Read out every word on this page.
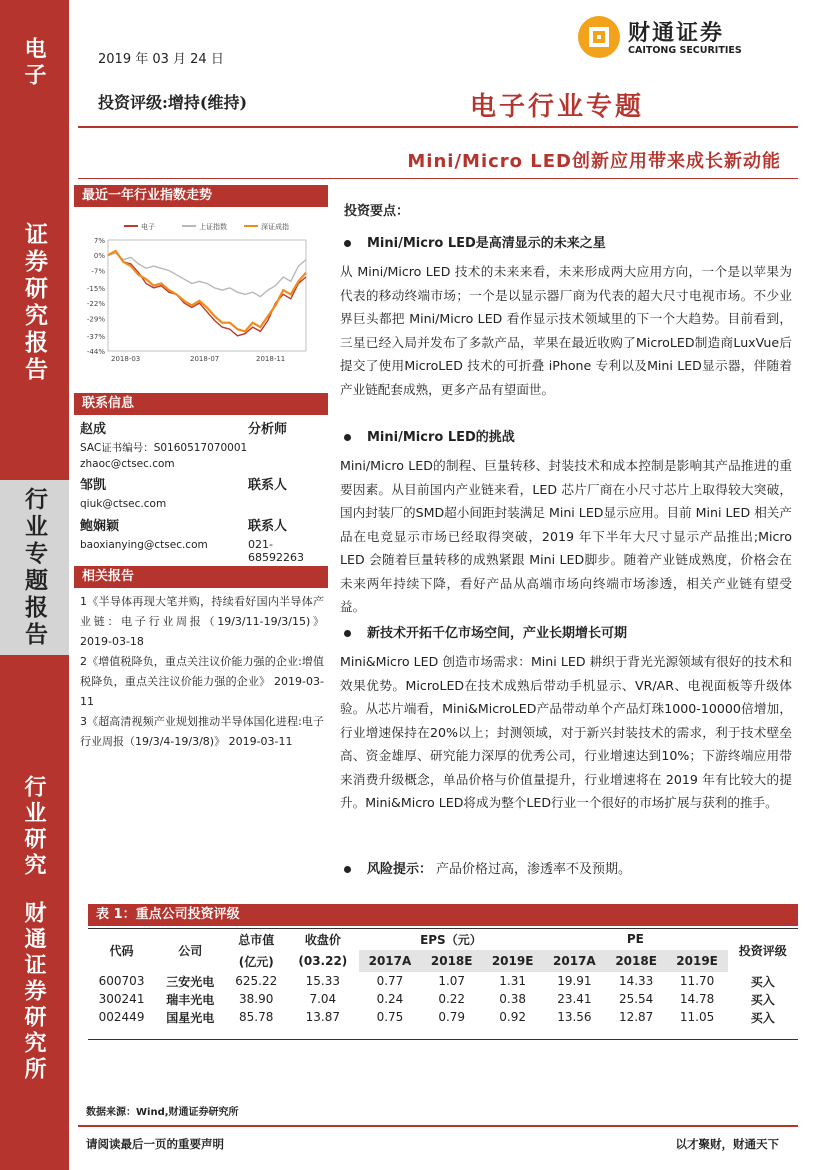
电子
证券研究报告
行业专题报告
行业研究
财通证券研究所
2019 年 03 月 24 日
财通证券
CAITONG SECURITIES
投资评级:增持(维持)	电子行业专题
Mini/Micro LED创新应用带来成长新动能
最近一年行业指数走势
7%
0%
-7%
-15%
-22%
-29%
-37%
-44%
2018-03	2018-07	2018-11
电子	上证指数	深证成指
联系信息
赵成	分析师
SAC证书编号：S0160517070001
zhaoc@ctsec.com
邹凯	联系人
qiuk@ctsec.com
鲍娴颖	联系人
baoxianying@ctsec.com	021-68592263
相关报告
1《半导体再现大笔并购，持续看好国内半导体产业链：电子行业周报（19/3/11-19/3/15)》 2019-03-18
2《增值税降负，重点关注议价能力强的企业:增值税降负，重点关注议价能力强的企业》 2019-03-11
3《超高清视频产业规划推动半导体国化进程:电子行业周报（19/3/4-19/3/8)》 2019-03-11
投资要点：
Mini/Micro LED是高清显示的未来之星
从 Mini/Micro LED 技术的未来来看，未来形成两大应用方向，一个是以苹果为代表的移动终端市场；一个是以显示器厂商为代表的超大尺寸电视市场。不少业界巨头都把 Mini/Micro LED 看作显示技术领域里的下一个大趋势。目前看到，三星已经入局并发布了多款产品，苹果在最近收购了MicroLED制造商LuxVue后提交了使用MicroLED 技术的可折叠 iPhone 专利以及Mini LED显示器，伴随着产业链配套成熟，更多产品有望面世。
Mini/Micro LED的挑战
Mini/Micro LED的制程、巨量转移、封装技术和成本控制是影响其产品推进的重要因素。从目前国内产业链来看，LED 芯片厂商在小尺寸芯片上取得较大突破，国内封装厂的SMD超小间距封装满足 Mini LED显示应用。目前 Mini LED 相关产品在电竞显示市场已经取得突破，2019 年下半年大尺寸显示产品推出;Micro LED 会随着巨量转移的成熟紧跟 Mini LED脚步。随着产业链成熟度，价格会在未来两年持续下降，看好产品从高端市场向终端市场渗透，相关产业链有望受益。
新技术开拓千亿市场空间，产业长期增长可期
Mini&Micro LED 创造市场需求：Mini LED 耕织于背光光源领域有很好的技术和效果优势。MicroLED在技术成熟后带动手机显示、VR/AR、电视面板等升级体验。从芯片端看，Mini&MicroLED产品带动单个产品灯珠1000-10000倍增加，行业增速保持在20%以上；封测领域，对于新兴封装技术的需求，利于技术壁垒高、资金雄厚、研究能力深厚的优秀公司，行业增速达到10%；下游终端应用带来消费升级概念，单品价格与价值量提升，行业增速将在 2019 年有比较大的提升。Mini&Micro LED将成为整个LED行业一个很好的市场扩展与获利的推手。
风险提示： 产品价格过高，渗透率不及预期。
表 1：重点公司投资评级
代码	公司	总市值	收盘价	EPS（元）			PE			投资评级
		(亿元)	(03.22)	2017A	2018E	2019E	2017A	2018E	2019E	
600703	三安光电	625.22	15.33	0.77	1.07	1.31	19.91	14.33	11.70	买入
300241	瑞丰光电	38.90	7.04	0.24	0.22	0.38	23.41	25.54	14.78	买入
002449	国星光电	85.78	13.87	0.75	0.79	0.92	13.56	12.87	11.05	买入
数据来源：Wind,财通证券研究所
请阅读最后一页的重要声明	以才聚财，财通天下
